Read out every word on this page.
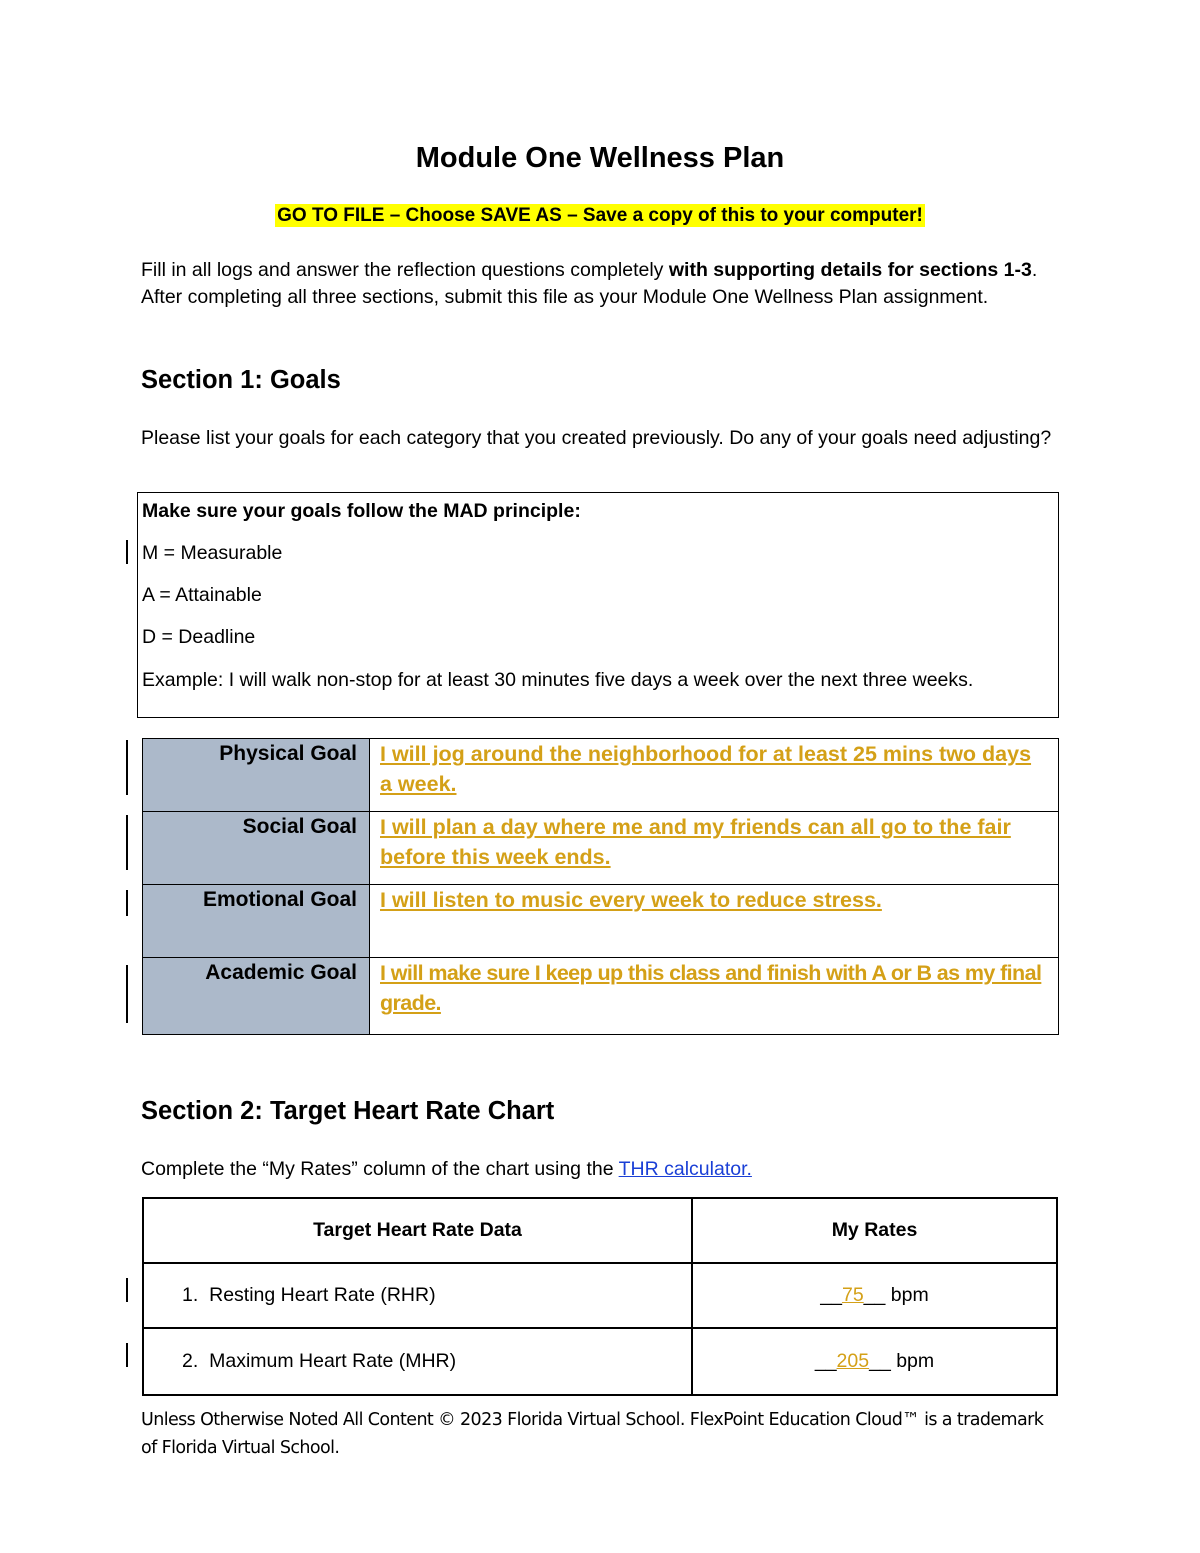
Module One Wellness Plan
GO TO FILE – Choose SAVE AS – Save a copy of this to your computer!
Fill in all logs and answer the reflection questions completely with supporting details for sections 1-3. After completing all three sections, submit this file as your Module One Wellness Plan assignment.
Section 1: Goals
Please list your goals for each category that you created previously. Do any of your goals need adjusting?
Make sure your goals follow the MAD principle:
M = Measurable
A = Attainable
D = Deadline
Example: I will walk non-stop for at least 30 minutes five days a week over the next three weeks.
Physical Goal	I will jog around the neighborhood for at least 25 mins two days a week.
Social Goal	I will plan a day where me and my friends can all go to the fair before this week ends.
Emotional Goal	I will listen to music every week to reduce stress.
Academic Goal	I will make sure I keep up this class and finish with A or B as my final grade.
Section 2: Target Heart Rate Chart
Complete the “My Rates” column of the chart using the THR calculator.
Target Heart Rate Data	My Rates
1. Resting Heart Rate (RHR)	__75__ bpm
2. Maximum Heart Rate (MHR)	__205__ bpm
Unless Otherwise Noted All Content © 2023 Florida Virtual School. FlexPoint Education Cloud™ is a trademark of Florida Virtual School.
